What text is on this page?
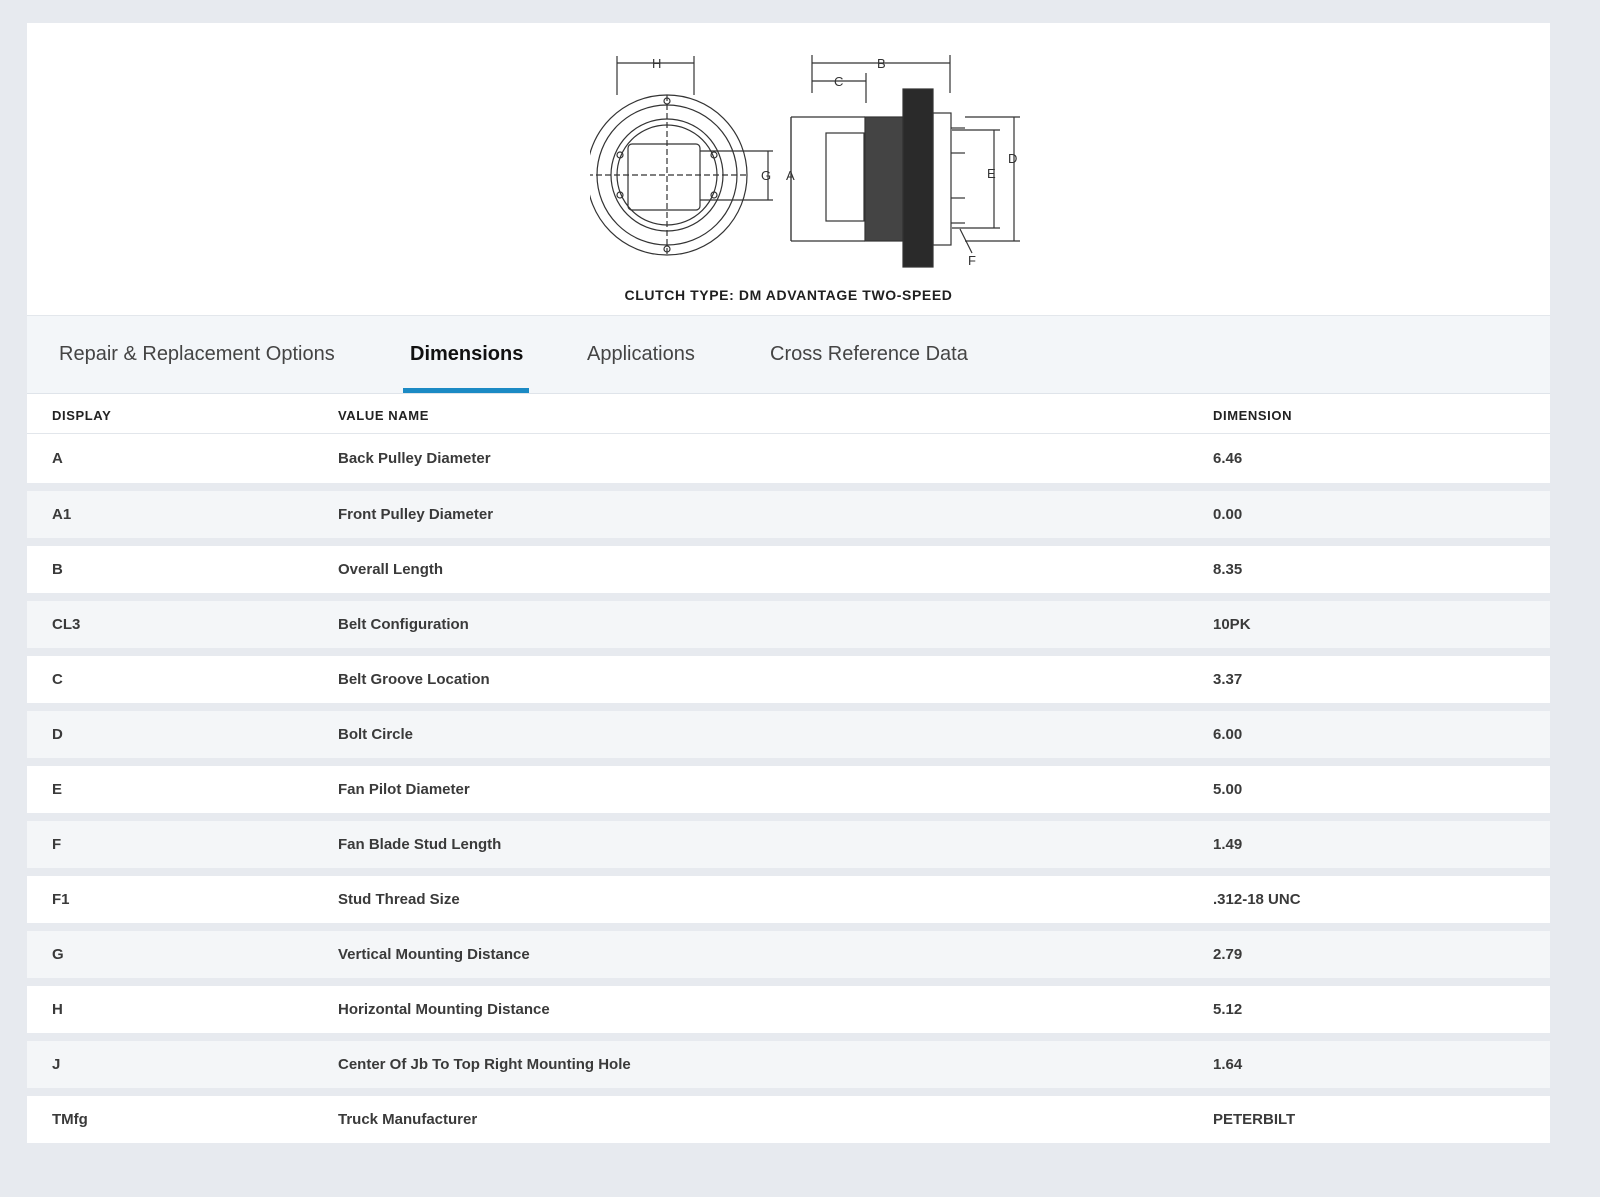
H	B
C
G A	E
D
F
CLUTCH TYPE: DM ADVANTAGE TWO-SPEED
Repair & Replacement Options	Dimensions	Applications	Cross Reference Data
DISPLAY	VALUE NAME	DIMENSION
A	Back Pulley Diameter	6.46
A1	Front Pulley Diameter	0.00
B	Overall Length	8.35
CL3	Belt Configuration	10PK
C	Belt Groove Location	3.37
D	Bolt Circle	6.00
E	Fan Pilot Diameter	5.00
F	Fan Blade Stud Length	1.49
F1	Stud Thread Size	.312-18 UNC
G	Vertical Mounting Distance	2.79
H	Horizontal Mounting Distance	5.12
J	Center Of Jb To Top Right Mounting Hole	1.64
TMfg	Truck Manufacturer	PETERBILT
